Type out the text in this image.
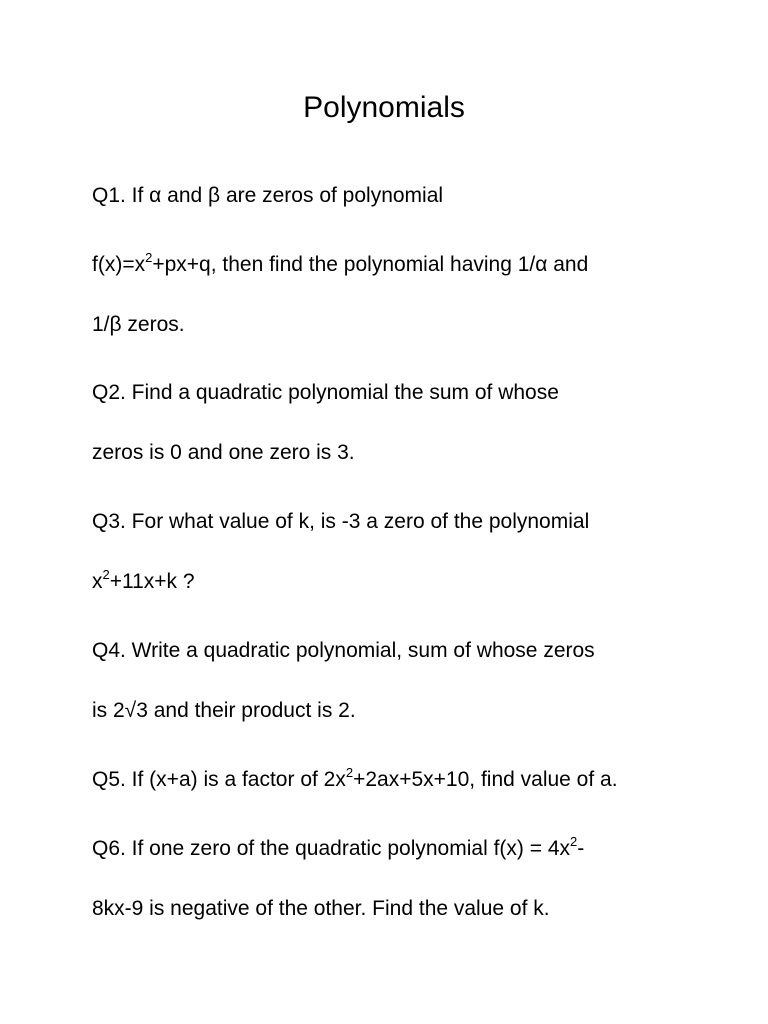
Polynomials
Q1. If α and β are zeros of polynomial
$f(x)=x^2+px+q$, then find the polynomial having 1/α and
1/β zeros.
Q2. Find a quadratic polynomial the sum of whose
zeros is 0 and one zero is 3.
Q3. For what value of k, is -3 a zero of the polynomial
$x^2+11x+k$ ?
Q4. Write a quadratic polynomial, sum of whose zeros
is 2√3 and their product is 2.
Q5. If (x+a) is a factor of $2x^2+2ax+5x+10$, find value of a.
Q6. If one zero of the quadratic polynomial $f(x) = 4x^2-$
8kx-9 is negative of the other. Find the value of k.
